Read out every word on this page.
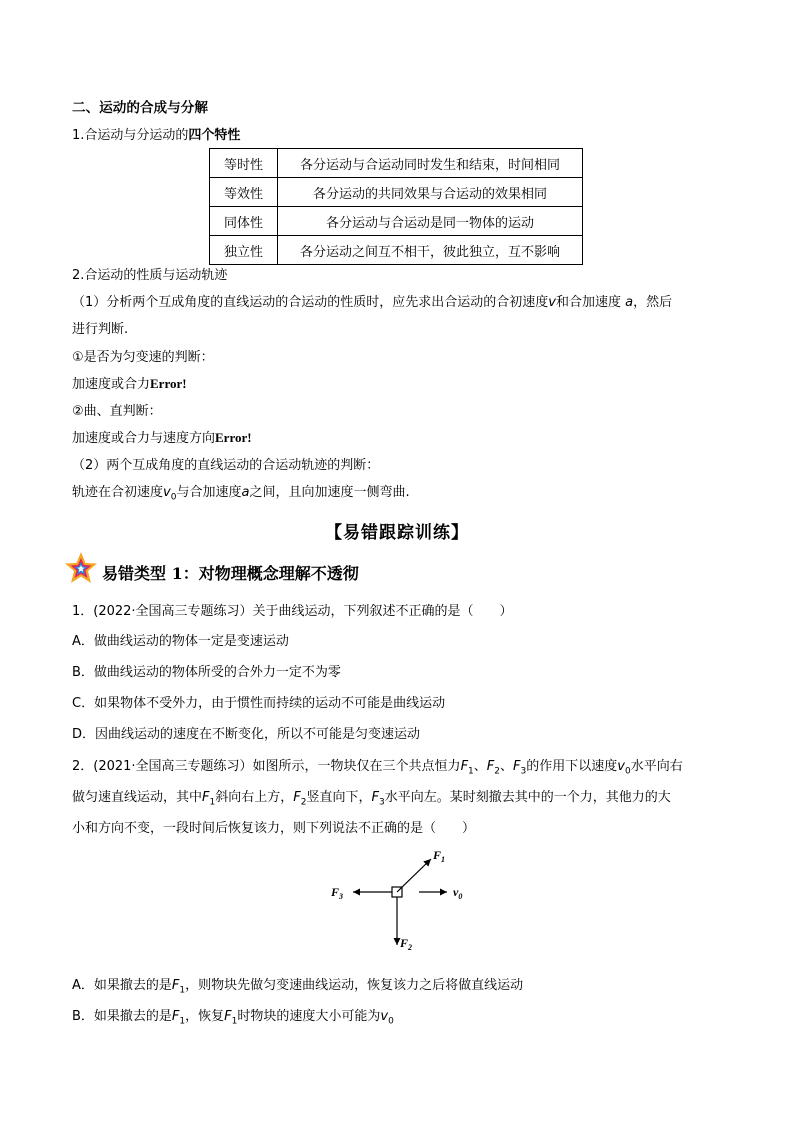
二、运动的合成与分解
1.合运动与分运动的四个特性
等时性	各分运动与合运动同时发生和结束，时间相同
等效性	各分运动的共同效果与合运动的效果相同
同体性	各分运动与合运动是同一物体的运动
独立性	各分运动之间互不相干，彼此独立，互不影响
2.合运动的性质与运动轨迹
（1）分析两个互成角度的直线运动的合运动的性质时，应先求出合运动的合初速度v和合加速度 a，然后
进行判断.
①是否为匀变速的判断：
加速度或合力Error!
②曲、直判断：
加速度或合力与速度方向Error!
（2）两个互成角度的直线运动的合运动轨迹的判断：
轨迹在合初速度$v_0$与合加速度a之间，且向加速度一侧弯曲.
【易错跟踪训练】
易错类型 1：对物理概念理解不透彻
1．(2022·全国高三专题练习）关于曲线运动，下列叙述不正确的是（　　）
A．做曲线运动的物体一定是变速运动
B．做曲线运动的物体所受的合外力一定不为零
C．如果物体不受外力，由于惯性而持续的运动不可能是曲线运动
D．因曲线运动的速度在不断变化，所以不可能是匀变速运动
2．(2021·全国高三专题练习）如图所示，一物块仅在三个共点恒力$F_1$、$F_2$、$F_3$的作用下以速度$v_0$水平向右
做匀速直线运动，其中$F_1$斜向右上方，$F_2$竖直向下，$F_3$水平向左。某时刻撤去其中的一个力，其他力的大
小和方向不变，一段时间后恢复该力，则下列说法不正确的是（　　）
$F_1$
$F_2$
$F_3$	$v_0$
A．如果撤去的是$F_1$，则物块先做匀变速曲线运动，恢复该力之后将做直线运动
B．如果撤去的是$F_1$，恢复$F_1$时物块的速度大小可能为$v_0$
